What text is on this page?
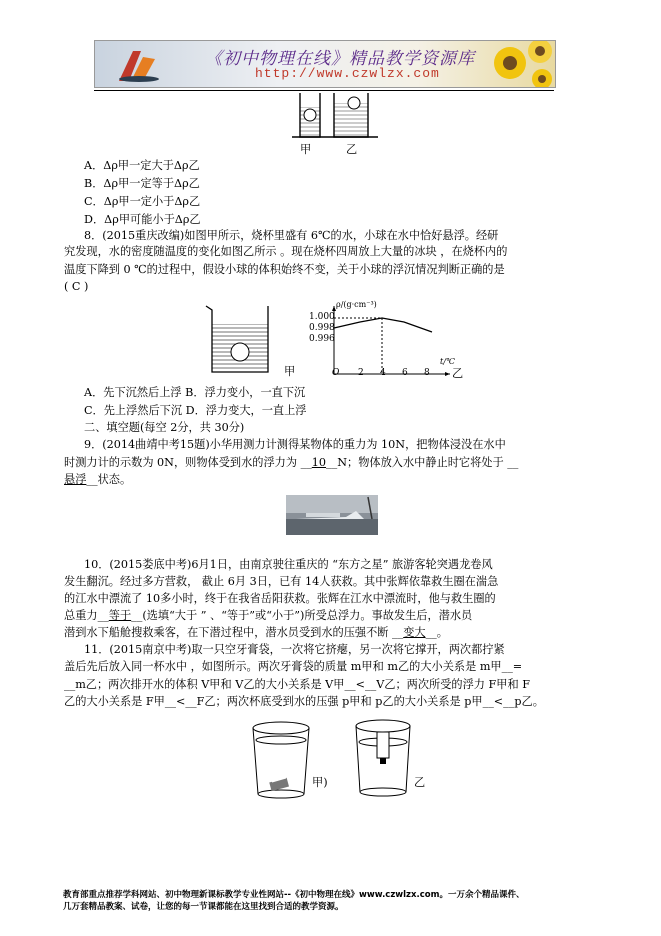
《初中物理在线》精品教学资源库
http://www.czwlzx.com
甲	乙
A．Δρ甲一定大于Δρ乙
B．Δρ甲一定等于Δρ乙
C．Δρ甲一定小于Δρ乙
D．Δρ甲可能小于Δρ乙
8．(2015重庆改编)如图甲所示，烧杯里盛有 6℃的水，小球在水中恰好悬浮。经研
究发现，水的密度随温度的变化如图乙所示 。现在烧杯四周放上大量的冰块 ，在烧杯内的
温度下降到 0 ℃的过程中，假设小球的体积始终不变，关于小球的浮沉情况判断正确的是
( C )
甲
ρ/(g·cm⁻³)
1.000
0.998
0.996
O 2 4 6 8
t/℃
乙
A．先下沉然后上浮 B．浮力变小，一直下沉
C．先上浮然后下沉 D．浮力变大，一直上浮
二、填空题(每空 2分，共 30分)
9．(2014曲靖中考15题)小华用测力计测得某物体的重力为 10N，把物体浸没在水中
时测力计的示数为 0N，则物体受到水的浮力为 __10__N；物体放入水中静止时它将处于 __
悬浮__状态。
10．(2015娄底中考)6月1日，由南京驶往重庆的 “东方之星” 旅游客轮突遇龙卷风
发生翻沉。经过多方营救， 截止 6月 3日，已有 14人获救。其中张辉依靠救生圈在湍急
的江水中漂流了 10多小时，终于在我省岳阳获救。张辉在江水中漂流时，他与救生圈的
总重力__等于__(选填“大于 ” 、“等于”或“小于”)所受总浮力。事故发生后，潜水员
潜到水下船舱搜救乘客，在下潜过程中，潜水员受到水的压强不断 __变大__。
11．(2015南京中考)取一只空牙膏袋，一次将它挤瘪，另一次将它撑开，两次都拧紧
盖后先后放入同一杯水中 ，如图所示。两次牙膏袋的质量 m甲和 m乙的大小关系是 m甲__=
__m乙；两次排开水的体积 V甲和 V乙的大小关系是 V甲__<__V乙；两次所受的浮力 F甲和 F
乙的大小关系是 F甲__<__F乙；两次杯底受到水的压强 p甲和 p乙的大小关系是 p甲__<__p乙。
甲)	乙
教育部重点推荐学科网站、初中物理新课标教学专业性网站--《初中物理在线》www.czwlzx.com。一万余个精品课件、
几万套精品教案、试卷，让您的每一节课都能在这里找到合适的教学资源。
